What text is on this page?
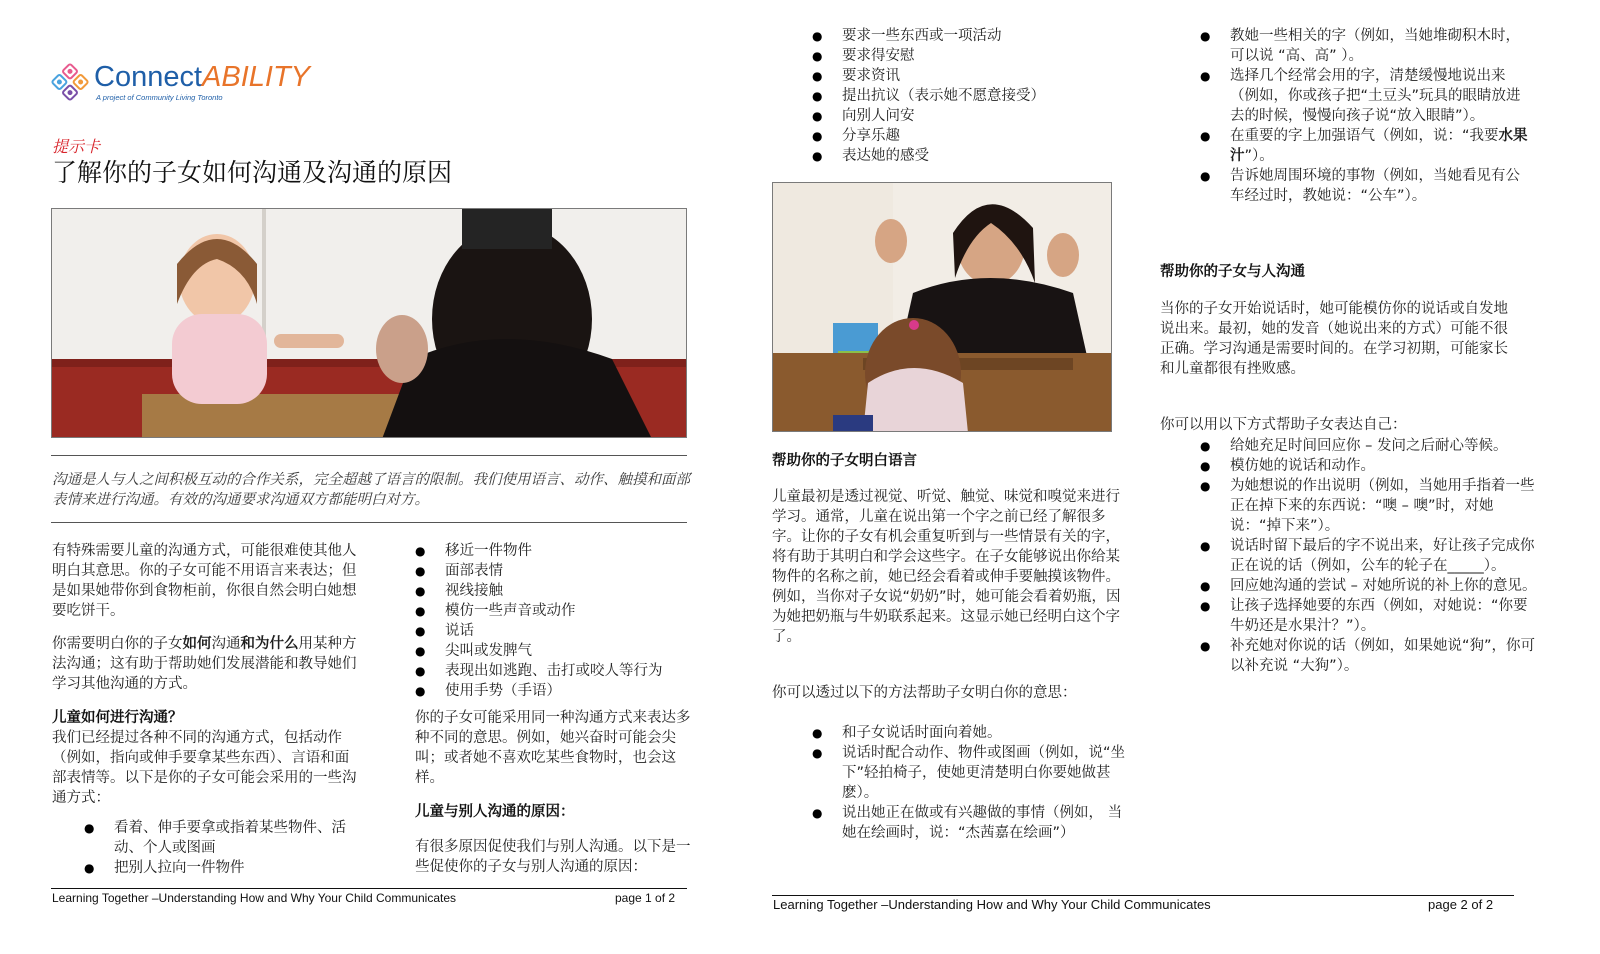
ConnectABILITY
A project of Community Living Toronto
提示卡
了解你的子女如何沟通及沟通的原因
沟通是人与人之间积极互动的合作关系，完全超越了语言的限制。我们使用语言、动作、触摸和面部表情来进行沟通。有效的沟通要求沟通双方都能明白对方。
有特殊需要儿童的沟通方式，可能很难使其他人明白其意思。你的子女可能不用语言来表达；但是如果她带你到食物柜前，你很自然会明白她想要吃饼干。
你需要明白你的子女如何沟通和为什么用某种方法沟通；这有助于帮助她们发展潜能和教导她们学习其他沟通的方式。
儿童如何进行沟通？
我们已经提过各种不同的沟通方式，包括动作（例如，指向或伸手要拿某些东西）、言语和面部表情等。以下是你的子女可能会采用的一些沟通方式：
● 看着、伸手要拿或指着某些物件、活动、个人或图画
● 把别人拉向一件物件
● 移近一件物件
● 面部表情
● 视线接触
● 模仿一些声音或动作
● 说话
● 尖叫或发脾气
● 表现出如逃跑、击打或咬人等行为
● 使用手势（手语）
你的子女可能采用同一种沟通方式来表达多种不同的意思。例如，她兴奋时可能会尖叫；或者她不喜欢吃某些食物时，也会这样。
儿童与别人沟通的原因：
有很多原因促使我们与别人沟通。以下是一些促使你的子女与别人沟通的原因：
Learning Together –Understanding How and Why Your Child Communicates	page 1 of 2
● 要求一些东西或一项活动
● 要求得安慰
● 要求资讯
● 提出抗议（表示她不愿意接受）
● 向别人问安
● 分享乐趣
● 表达她的感受
帮助你的子女明白语言
儿童最初是透过视觉、听觉、触觉、味觉和嗅觉来进行学习。通常，儿童在说出第一个字之前已经了解很多字。让你的子女有机会重复听到与一些情景有关的字，将有助于其明白和学会这些字。在子女能够说出你给某物件的名称之前，她已经会看着或伸手要触摸该物件。例如，当你对子女说“奶奶”时，她可能会看着奶瓶，因为她把奶瓶与牛奶联系起来。这显示她已经明白这个字了。
你可以透过以下的方法帮助子女明白你的意思：
● 和子女说话时面向着她。
● 说话时配合动作、物件或图画（例如，说“坐下”轻拍椅子，使她更清楚明白你要她做甚麽）。
● 说出她正在做或有兴趣做的事情（例如， 当她在绘画时，说：“杰茜嘉在绘画”）
● 教她一些相关的字（例如，当她堆砌积木时，可以说 “高、高” ）。
● 选择几个经常会用的字，清楚缓慢地说出来（例如，你或孩子把“土豆头”玩具的眼睛放进去的时候，慢慢向孩子说“放入眼睛”）。
● 在重要的字上加强语气（例如，说：“我要水果汁”）。
● 告诉她周围环境的事物（例如，当她看见有公车经过时，教她说：“公车”）。
帮助你的子女与人沟通
当你的子女开始说话时，她可能模仿你的说话或自发地说出来。最初，她的发音（她说出来的方式）可能不很正确。学习沟通是需要时间的。在学习初期，可能家长和儿童都很有挫败感。
你可以用以下方式帮助子女表达自己：
● 给她充足时间回应你 – 发问之后耐心等候。
● 模仿她的说话和动作。
● 为她想说的作出说明（例如，当她用手指着一些正在掉下来的东西说：“噢 – 噢”时，对她说：“掉下来”）。
● 说话时留下最后的字不说出来，好让孩子完成你正在说的话（例如，公车的轮子在_____）。
● 回应她沟通的尝试 – 对她所说的补上你的意见。
● 让孩子选择她要的东西（例如，对她说：“你要牛奶还是水果汁？”）。
● 补充她对你说的话（例如，如果她说“狗”，你可以补充说 “大狗”）。
Learning Together –Understanding How and Why Your Child Communicates	page 2 of 2
